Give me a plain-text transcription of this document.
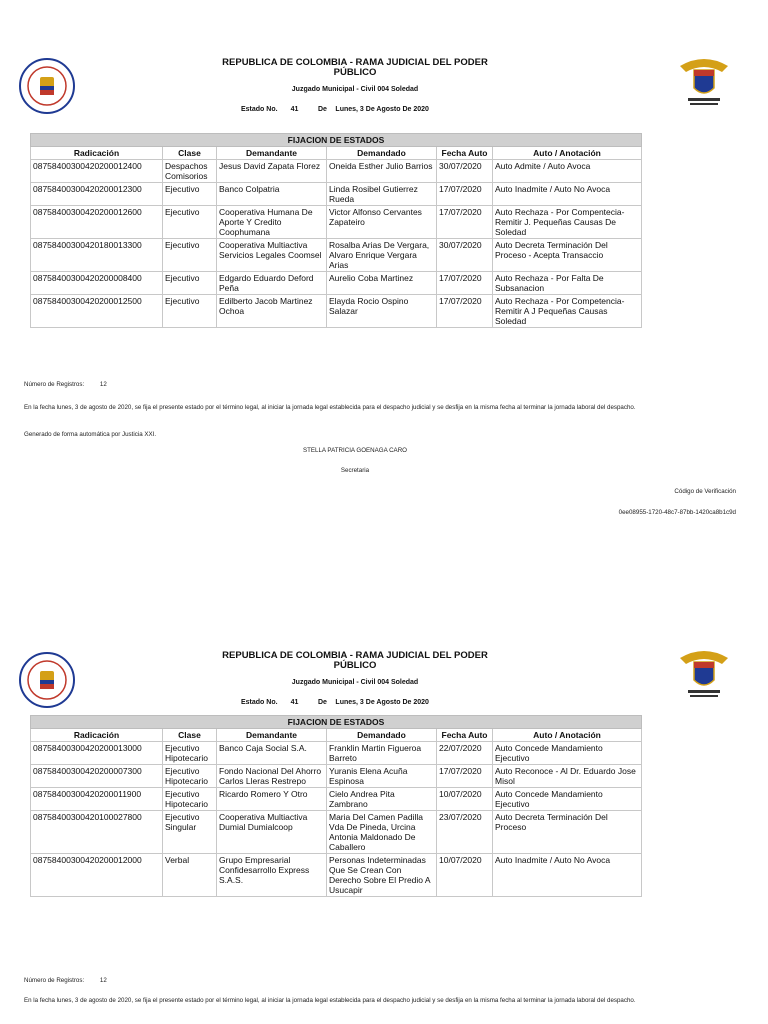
REPUBLICA DE COLOMBIA - RAMA JUDICIAL DEL PODER PÚBLICO
Juzgado Municipal - Civil 004 Soledad
Estado No. 41	De Lunes, 3 De Agosto De 2020
FIJACION DE ESTADOS					
Radicación	Clase	Demandante	Demandado	Fecha Auto	Auto / Anotación
08758400300420200012400	Despachos Comisorios	Jesus David Zapata Florez	Oneida Esther Julio Barrios	30/07/2020	Auto Admite / Auto Avoca
08758400300420200012300	Ejecutivo	Banco Colpatria	Linda Rosibel Gutierrez Rueda	17/07/2020	Auto Inadmite / Auto No Avoca
08758400300420200012600	Ejecutivo	Cooperativa Humana De Aporte Y Credito Coophumana	Victor Alfonso Cervantes Zapateiro	17/07/2020	Auto Rechaza - Por Compentecia- Remitir J. Pequeñas Causas De Soledad
08758400300420180013300	Ejecutivo	Cooperativa Multiactiva Servicios Legales Coomsel	Rosalba Arias De Vergara, Alvaro Enrique Vergara Arias	30/07/2020	Auto Decreta Terminación Del Proceso - Acepta Transaccio
08758400300420200008400	Ejecutivo	Edgardo Eduardo Deford Peña	Aurelio Coba Martinez	17/07/2020	Auto Rechaza - Por Falta De Subsanacion
08758400300420200012500	Ejecutivo	Edilberto Jacob Martinez Ochoa	Elayda Rocio Ospino Salazar	17/07/2020	Auto Rechaza - Por Competencia- Remitir A J Pequeñas Causas Soledad
Número de Registros:	12
En la fecha lunes, 3 de agosto de 2020, se fija el presente estado por el término legal, al iniciar la jornada legal establecida para el despacho judicial y se desfija en la misma fecha al terminar la jornada laboral del despacho.
Generado de forma automática por Justicia XXI.
STELLA PATRICIA GOENAGA CARO
Secretaria
Código de Verificación
0ee08955-1720-48c7-87bb-1420ca8b1c9d
REPUBLICA DE COLOMBIA - RAMA JUDICIAL DEL PODER PÚBLICO
Juzgado Municipal - Civil 004 Soledad
Estado No. 41	De Lunes, 3 De Agosto De 2020
FIJACION DE ESTADOS					
Radicación	Clase	Demandante	Demandado	Fecha Auto	Auto / Anotación
08758400300420200013000	Ejecutivo Hipotecario	Banco Caja Social S.A.	Franklin Martin Figueroa Barreto	22/07/2020	Auto Concede Mandamiento Ejecutivo
08758400300420200007300	Ejecutivo Hipotecario	Fondo Nacional Del Ahorro Carlos Lleras Restrepo	Yuranis Elena Acuña Espinosa	17/07/2020	Auto Reconoce - Al Dr. Eduardo Jose Misol
08758400300420200011900	Ejecutivo Hipotecario	Ricardo Romero Y Otro	Cielo Andrea Pita Zambrano	10/07/2020	Auto Concede Mandamiento Ejecutivo
08758400300420100027800	Ejecutivo Singular	Cooperativa Multiactiva Dumial Dumialcoop	Maria Del Camen Padilla Vda De Pineda, Urcina Antonia Maldonado De Caballero	23/07/2020	Auto Decreta Terminación Del Proceso
08758400300420200012000	Verbal	Grupo Empresarial Confidesarrollo Express S.A.S.	Personas Indeterminadas Que Se Crean Con Derecho Sobre El Predio A Usucapir	10/07/2020	Auto Inadmite / Auto No Avoca
Número de Registros:	12
En la fecha lunes, 3 de agosto de 2020, se fija el presente estado por el término legal, al iniciar la jornada legal establecida para el despacho judicial y se desfija en la misma fecha al terminar la jornada laboral del despacho.
